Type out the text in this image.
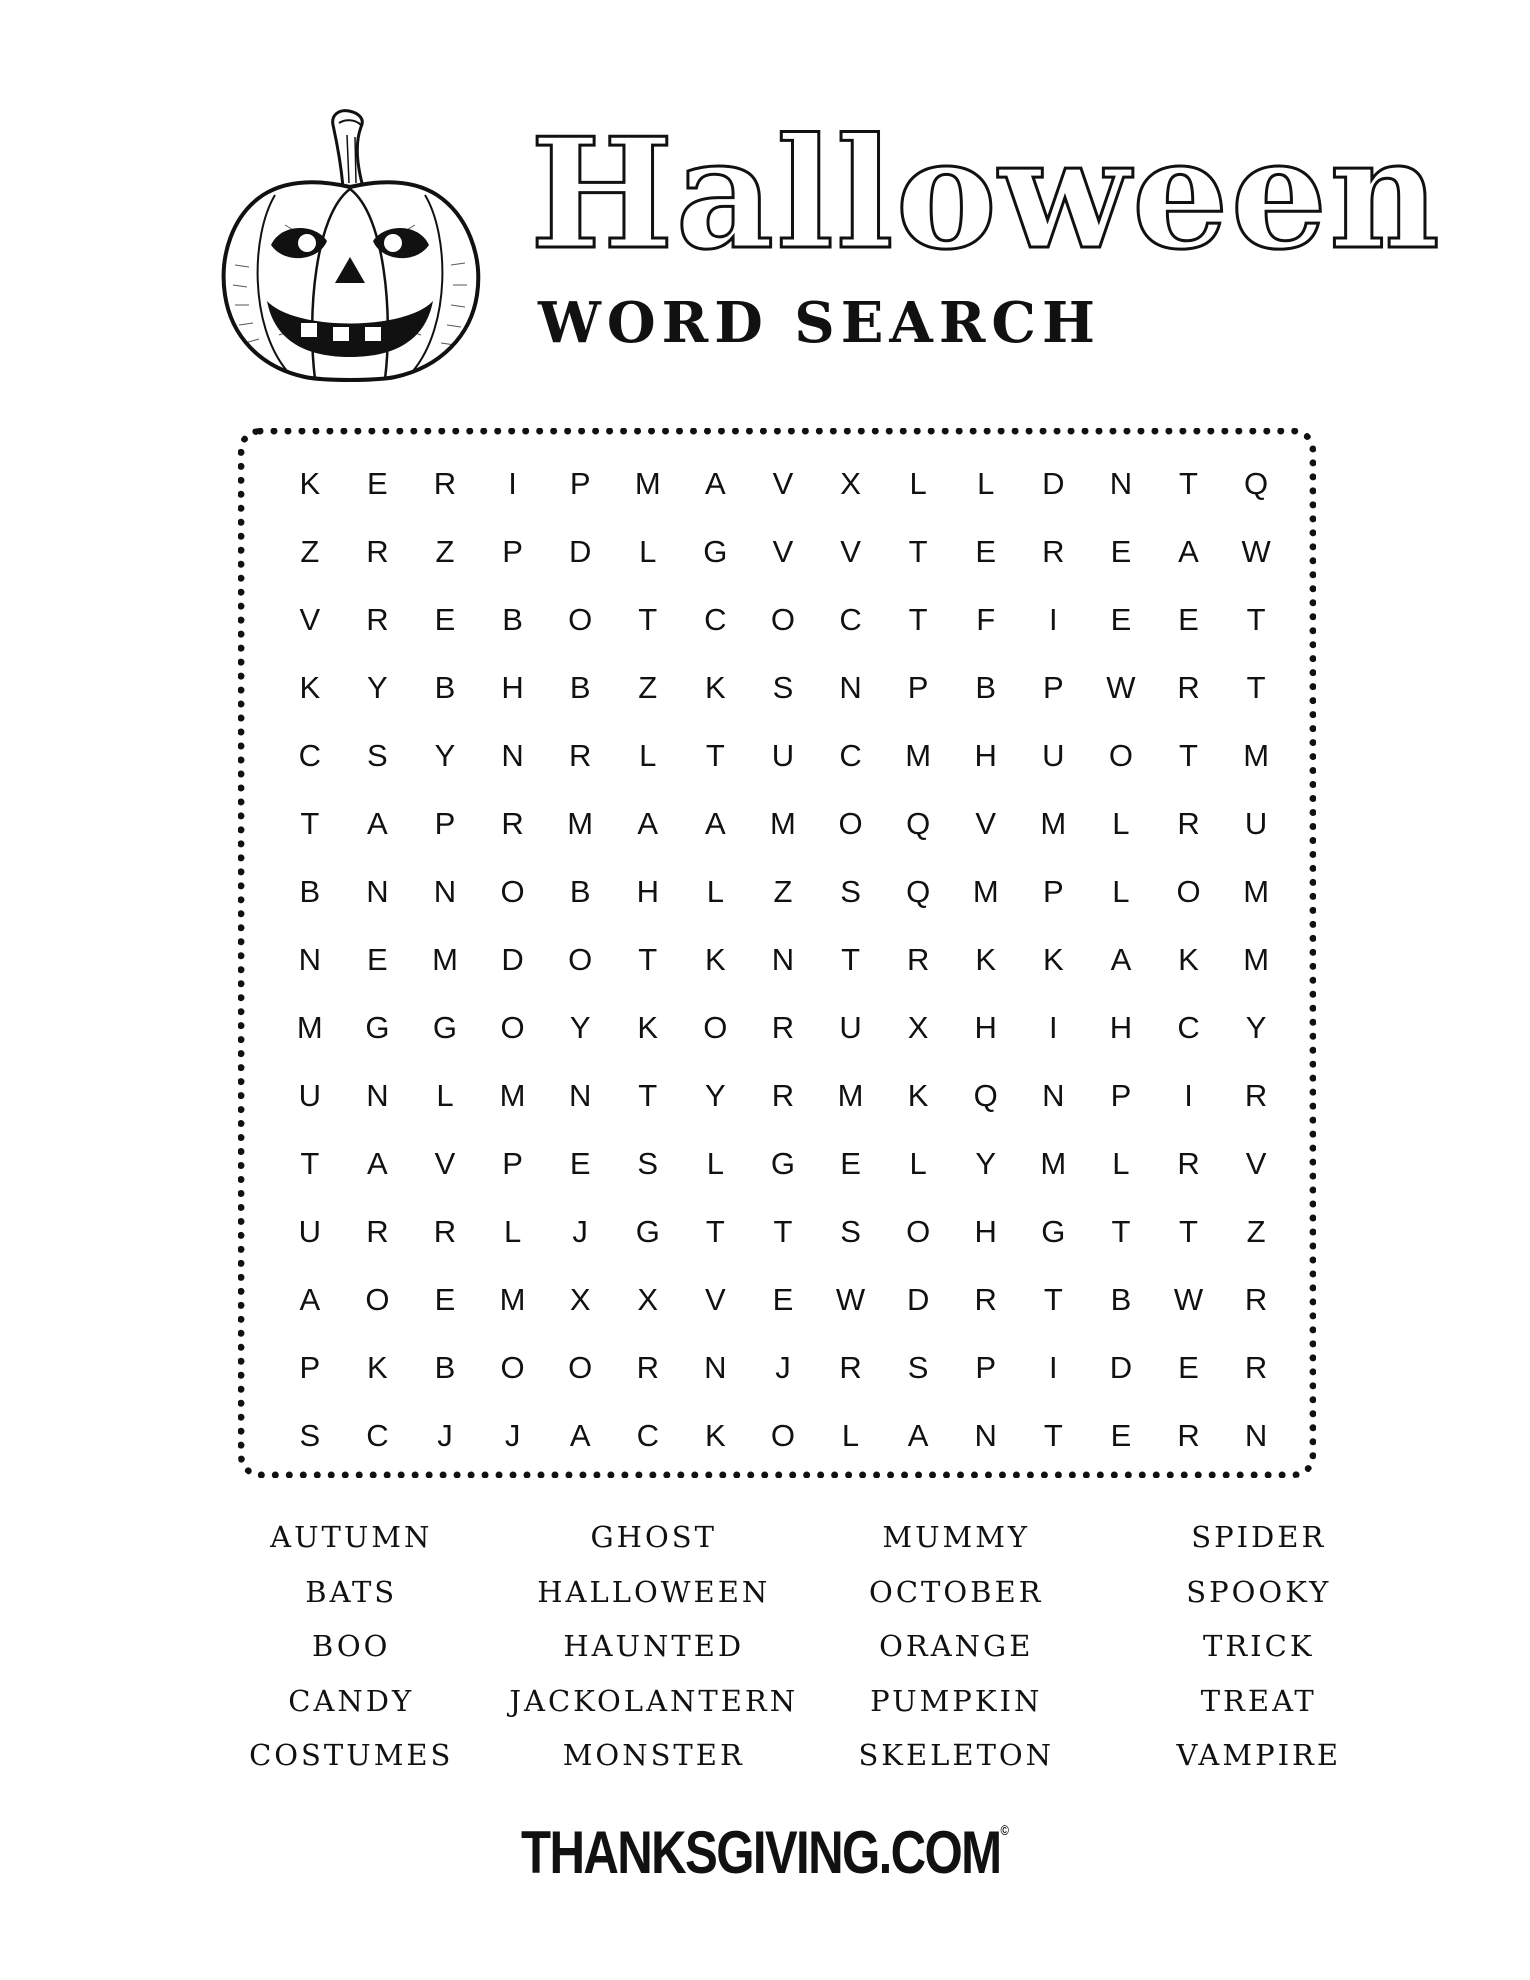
Halloween
WORD SEARCH
K	E	R	I	P	M	A	V	X	L	L	D	N	T	Q
Z	R	Z	P	D	L	G	V	V	T	E	R	E	A	W
V	R	E	B	O	T	C	O	C	T	F	I	E	E	T
K	Y	B	H	B	Z	K	S	N	P	B	P	W	R	T
C	S	Y	N	R	L	T	U	C	M	H	U	O	T	M
T	A	P	R	M	A	A	M	O	Q	V	M	L	R	U
B	N	N	O	B	H	L	Z	S	Q	M	P	L	O	M
N	E	M	D	O	T	K	N	T	R	K	K	A	K	M
M	G	G	O	Y	K	O	R	U	X	H	I	H	C	Y
U	N	L	M	N	T	Y	R	M	K	Q	N	P	I	R
T	A	V	P	E	S	L	G	E	L	Y	M	L	R	V
U	R	R	L	J	G	T	T	S	O	H	G	T	T	Z
A	O	E	M	X	X	V	E	W	D	R	T	B	W	R
P	K	B	O	O	R	N	J	R	S	P	I	D	E	R
S	C	J	J	A	C	K	O	L	A	N	T	E	R	N
AUTUMN	GHOST	MUMMY	SPIDER
BATS	HALLOWEEN	OCTOBER	SPOOKY
BOO	HAUNTED	ORANGE	TRICK
CANDY	JACKOLANTERN	PUMPKIN	TREAT
COSTUMES	MONSTER	SKELETON	VAMPIRE
THANKSGIVING.COM©
